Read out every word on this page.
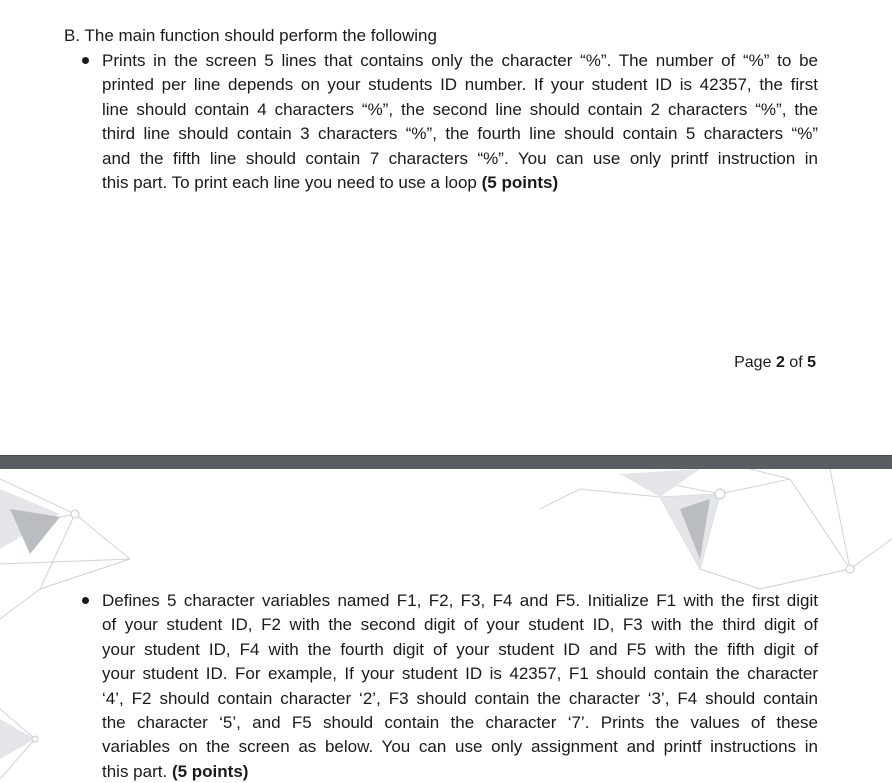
B. The main function should perform the following
Prints in the screen 5 lines that contains only the character “%”. The number of “%” to be
printed per line depends on your students ID number. If your student ID is 42357, the first
line should contain 4 characters “%”, the second line should contain 2 characters “%”, the
third line should contain 3 characters “%”, the fourth line should contain 5 characters “%”
and the fifth line should contain 7 characters “%”. You can use only printf instruction in
this part. To print each line you need to use a loop (5 points)
Page 2 of 5
Defines 5 character variables named F1, F2, F3, F4 and F5. Initialize F1 with the first digit
of your student ID, F2 with the second digit of your student ID, F3 with the third digit of
your student ID, F4 with the fourth digit of your student ID and F5 with the fifth digit of
your student ID. For example, If your student ID is 42357, F1 should contain the character
‘4’, F2 should contain character ‘2’, F3 should contain the character ‘3’, F4 should contain
the character ‘5’, and F5 should contain the character ‘7’. Prints the values of these
variables on the screen as below. You can use only assignment and printf instructions in
this part. (5 points)
